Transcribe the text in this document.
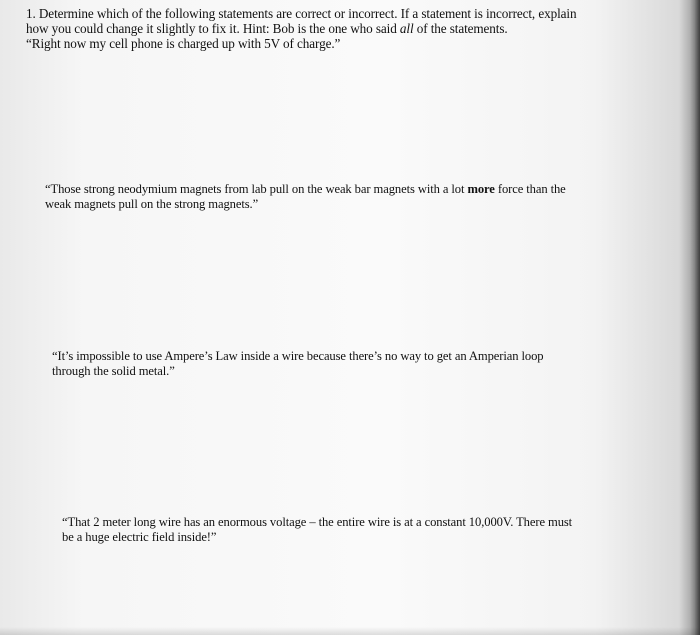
1. Determine which of the following statements are correct or incorrect. If a statement is incorrect, explain
how you could change it slightly to fix it. Hint: Bob is the one who said all of the statements.
“Right now my cell phone is charged up with 5V of charge.”
“Those strong neodymium magnets from lab pull on the weak bar magnets with a lot more force than the
weak magnets pull on the strong magnets.”
“It’s impossible to use Ampere’s Law inside a wire because there’s no way to get an Amperian loop
through the solid metal.”
“That 2 meter long wire has an enormous voltage – the entire wire is at a constant 10,000V. There must
be a huge electric field inside!”
